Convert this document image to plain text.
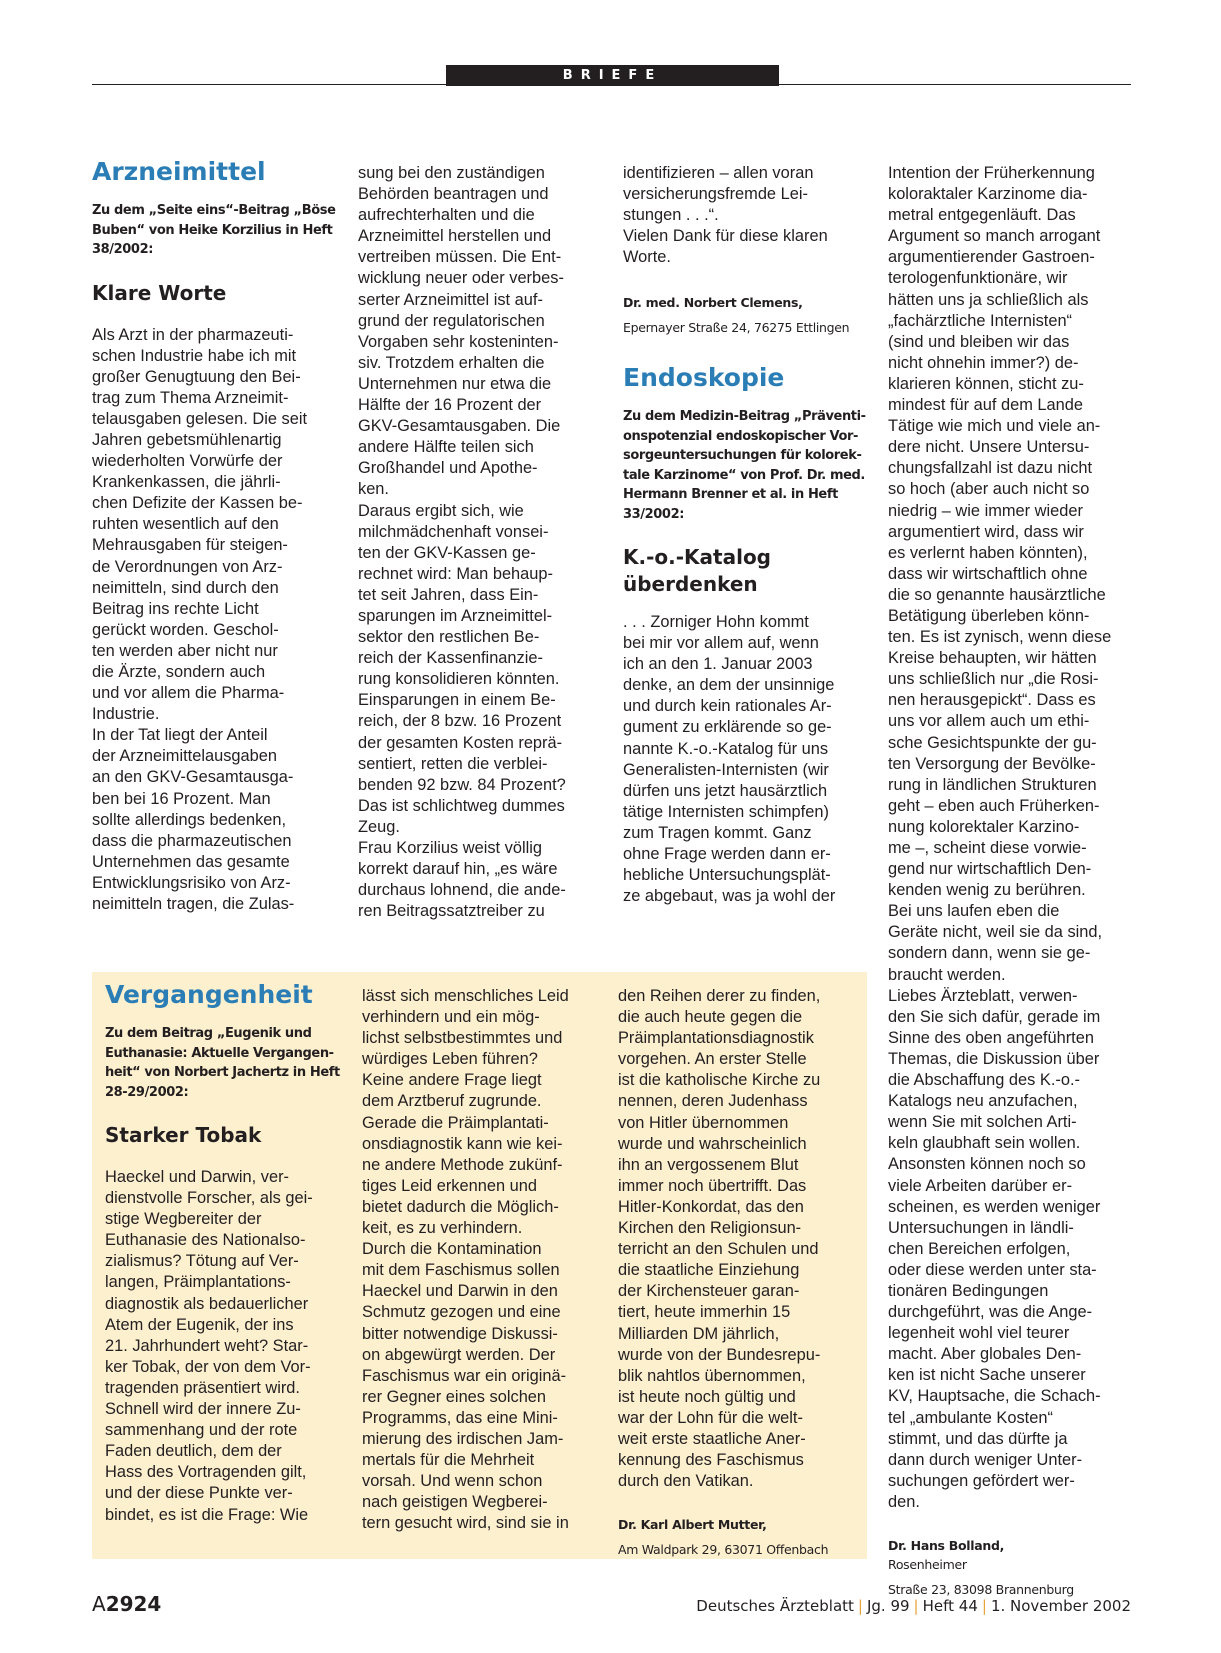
BRIEFE
Arzneimittel
Zu dem „Seite eins“-Beitrag „Böse
Buben“ von Heike Korzilius in Heft
38/2002:
Klare Worte
Als Arzt in der pharmazeuti-
schen Industrie habe ich mit
großer Genugtuung den Bei-
trag zum Thema Arzneimit-
telausgaben gelesen. Die seit
Jahren gebetsmühlenartig
wiederholten Vorwürfe der
Krankenkassen, die jährli-
chen Defizite der Kassen be-
ruhten wesentlich auf den
Mehrausgaben für steigen-
de Verordnungen von Arz-
neimitteln, sind durch den
Beitrag ins rechte Licht
gerückt worden. Geschol-
ten werden aber nicht nur
die Ärzte, sondern auch
und vor allem die Pharma-
Industrie.
In der Tat liegt der Anteil
der Arzneimittelausgaben
an den GKV-Gesamtausga-
ben bei 16 Prozent. Man
sollte allerdings bedenken,
dass die pharmazeutischen
Unternehmen das gesamte
Entwicklungsrisiko von Arz-
neimitteln tragen, die Zulas-
sung bei den zuständigen
Behörden beantragen und
aufrechterhalten und die
Arzneimittel herstellen und
vertreiben müssen. Die Ent-
wicklung neuer oder verbes-
serter Arzneimittel ist auf-
grund der regulatorischen
Vorgaben sehr kosteninten-
siv. Trotzdem erhalten die
Unternehmen nur etwa die
Hälfte der 16 Prozent der
GKV-Gesamtausgaben. Die
andere Hälfte teilen sich
Großhandel und Apothe-
ken.
Daraus ergibt sich, wie
milchmädchenhaft vonsei-
ten der GKV-Kassen ge-
rechnet wird: Man behaup-
tet seit Jahren, dass Ein-
sparungen im Arzneimittel-
sektor den restlichen Be-
reich der Kassenfinanzie-
rung konsolidieren könnten.
Einsparungen in einem Be-
reich, der 8 bzw. 16 Prozent
der gesamten Kosten reprä-
sentiert, retten die verblei-
benden 92 bzw. 84 Prozent?
Das ist schlichtweg dummes
Zeug.
Frau Korzilius weist völlig
korrekt darauf hin, „es wäre
durchaus lohnend, die ande-
ren Beitragssatztreiber zu
identifizieren – allen voran
versicherungsfremde Lei-
stungen . . .“.
Vielen Dank für diese klaren
Worte.

Dr. med. Norbert Clemens,

Epernayer Straße 24, 76275 Ettlingen
Endoskopie
Zu dem Medizin-Beitrag „Präventi-
onspotenzial endoskopischer Vor-
sorgeuntersuchungen für kolorek-
tale Karzinome“ von Prof. Dr. med.
Hermann Brenner et al. in Heft
33/2002:
K.-o.-Katalog
überdenken
. . . Zorniger Hohn kommt
bei mir vor allem auf, wenn
ich an den 1. Januar 2003
denke, an dem der unsinnige
und durch kein rationales Ar-
gument zu erklärende so ge-
nannte K.-o.-Katalog für uns
Generalisten-Internisten (wir
dürfen uns jetzt hausärztlich
tätige Internisten schimpfen)
zum Tragen kommt. Ganz
ohne Frage werden dann er-
hebliche Untersuchungsplät-
ze abgebaut, was ja wohl der
Intention der Früherkennung
koloraktaler Karzinome dia-
metral entgegenläuft. Das
Argument so manch arrogant
argumentierender Gastroen-
terologenfunktionäre, wir
hätten uns ja schließlich als
„fachärztliche Internisten“
(sind und bleiben wir das
nicht ohnehin immer?) de-
klarieren können, sticht zu-
mindest für auf dem Lande
Tätige wie mich und viele an-
dere nicht. Unsere Untersu-
chungsfallzahl ist dazu nicht
so hoch (aber auch nicht so
niedrig – wie immer wieder
argumentiert wird, dass wir
es verlernt haben könnten),
dass wir wirtschaftlich ohne
die so genannte hausärztliche
Betätigung überleben könn-
ten. Es ist zynisch, wenn diese
Kreise behaupten, wir hätten
uns schließlich nur „die Rosi-
nen herausgepickt“. Dass es
uns vor allem auch um ethi-
sche Gesichtspunkte der gu-
ten Versorgung der Bevölke-
rung in ländlichen Strukturen
geht – eben auch Früherken-
nung kolorektaler Karzino-
me –, scheint diese vorwie-
gend nur wirtschaftlich Den-
kenden wenig zu berühren.
Bei uns laufen eben die
Geräte nicht, weil sie da sind,
sondern dann, wenn sie ge-
braucht werden.
Liebes Ärzteblatt, verwen-
den Sie sich dafür, gerade im
Sinne des oben angeführten
Themas, die Diskussion über
die Abschaffung des K.-o.-
Katalogs neu anzufachen,
wenn Sie mit solchen Arti-
keln glaubhaft sein wollen.
Ansonsten können noch so
viele Arbeiten darüber er-
scheinen, es werden weniger
Untersuchungen in ländli-
chen Bereichen erfolgen,
oder diese werden unter sta-
tionären Bedingungen
durchgeführt, was die Ange-
legenheit wohl viel teurer
macht. Aber globales Den-
ken ist nicht Sache unserer
KV, Hauptsache, die Schach-
tel „ambulante Kosten“
stimmt, und das dürfte ja
dann durch weniger Unter-
suchungen gefördert wer-
den.

Dr. Hans Bolland,
Rosenheimer

Straße 23, 83098 Brannenburg
Vergangenheit
Zu dem Beitrag „Eugenik und
Euthanasie: Aktuelle Vergangen-
heit“ von Norbert Jachertz in Heft
28-29/2002:
Starker Tobak
Haeckel und Darwin, ver-
dienstvolle Forscher, als gei-
stige Wegbereiter der
Euthanasie des Nationalso-
zialismus? Tötung auf Ver-
langen, Präimplantations-
diagnostik als bedauerlicher
Atem der Eugenik, der ins
21. Jahrhundert weht? Star-
ker Tobak, der von dem Vor-
tragenden präsentiert wird.
Schnell wird der innere Zu-
sammenhang und der rote
Faden deutlich, dem der
Hass des Vortragenden gilt,
und der diese Punkte ver-
bindet, es ist die Frage: Wie
lässt sich menschliches Leid
verhindern und ein mög-
lichst selbstbestimmtes und
würdiges Leben führen?
Keine andere Frage liegt
dem Arztberuf zugrunde.
Gerade die Präimplantati-
onsdiagnostik kann wie kei-
ne andere Methode zukünf-
tiges Leid erkennen und
bietet dadurch die Möglich-
keit, es zu verhindern.
Durch die Kontamination
mit dem Faschismus sollen
Haeckel und Darwin in den
Schmutz gezogen und eine
bitter notwendige Diskussi-
on abgewürgt werden. Der
Faschismus war ein originä-
rer Gegner eines solchen
Programms, das eine Mini-
mierung des irdischen Jam-
mertals für die Mehrheit
vorsah. Und wenn schon
nach geistigen Wegberei-
tern gesucht wird, sind sie in
den Reihen derer zu finden,
die auch heute gegen die
Präimplantationsdiagnostik
vorgehen. An erster Stelle
ist die katholische Kirche zu
nennen, deren Judenhass
von Hitler übernommen
wurde und wahrscheinlich
ihn an vergossenem Blut
immer noch übertrifft. Das
Hitler-Konkordat, das den
Kirchen den Religionsun-
terricht an den Schulen und
die staatliche Einziehung
der Kirchensteuer garan-
tiert, heute immerhin 15
Milliarden DM jährlich,
wurde von der Bundesrepu-
blik nahtlos übernommen,
ist heute noch gültig und
war der Lohn für die welt-
weit erste staatliche Aner-
kennung des Faschismus
durch den Vatikan.

Dr. Karl Albert Mutter,

Am Waldpark 29, 63071 Offenbach
A2924	Deutsches Ärzteblatt | Jg. 99 | Heft 44 | 1. November 2002
